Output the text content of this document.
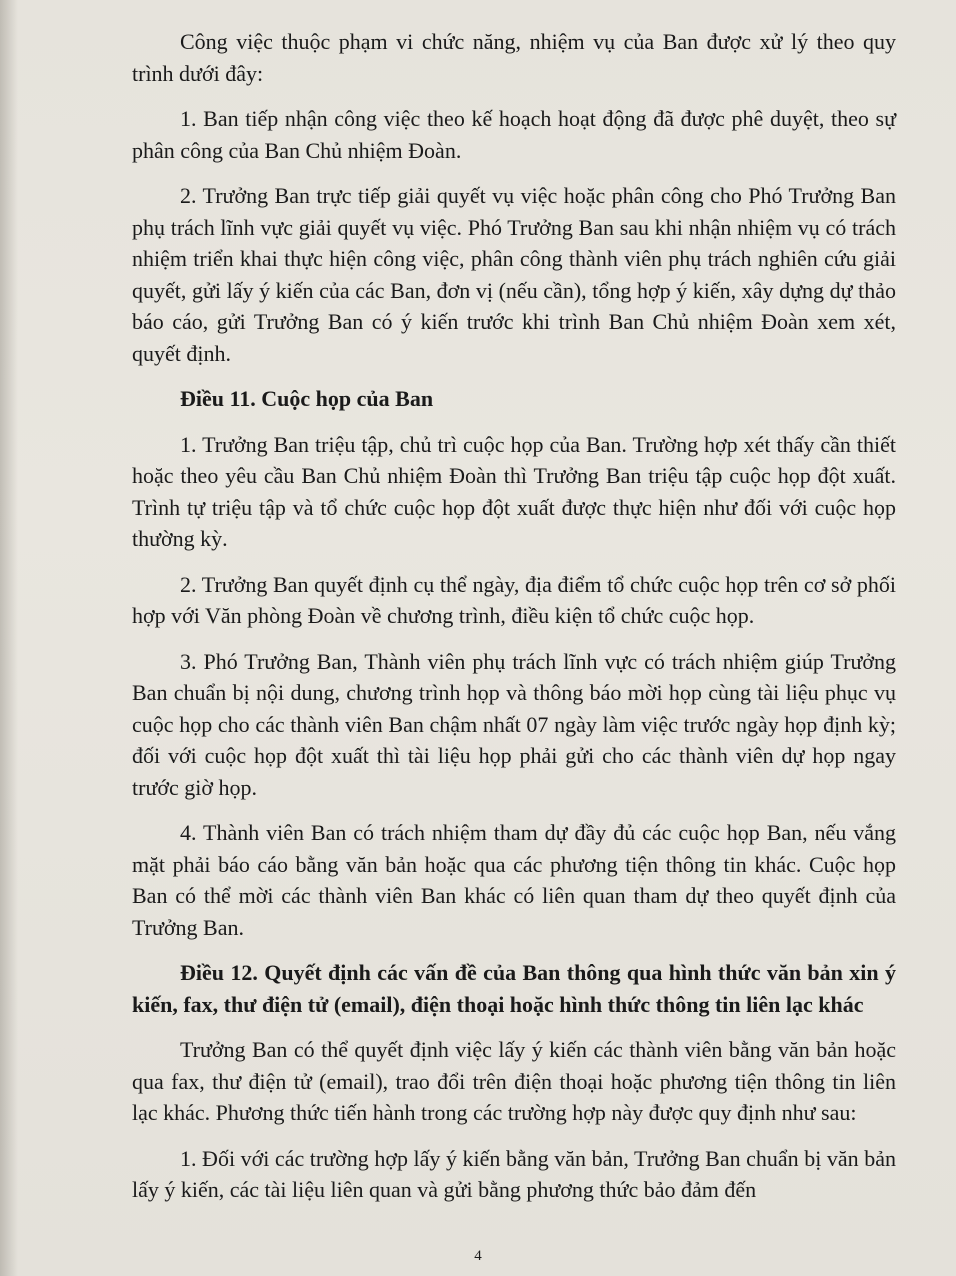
Công việc thuộc phạm vi chức năng, nhiệm vụ của Ban được xử lý theo quy trình dưới đây:

1. Ban tiếp nhận công việc theo kế hoạch hoạt động đã được phê duyệt, theo sự phân công của Ban Chủ nhiệm Đoàn.

2. Trưởng Ban trực tiếp giải quyết vụ việc hoặc phân công cho Phó Trưởng Ban phụ trách lĩnh vực giải quyết vụ việc. Phó Trưởng Ban sau khi nhận nhiệm vụ có trách nhiệm triển khai thực hiện công việc, phân công thành viên phụ trách nghiên cứu giải quyết, gửi lấy ý kiến của các Ban, đơn vị (nếu cần), tổng hợp ý kiến, xây dựng dự thảo báo cáo, gửi Trưởng Ban có ý kiến trước khi trình Ban Chủ nhiệm Đoàn xem xét, quyết định.

Điều 11. Cuộc họp của Ban

1. Trưởng Ban triệu tập, chủ trì cuộc họp của Ban. Trường hợp xét thấy cần thiết hoặc theo yêu cầu Ban Chủ nhiệm Đoàn thì Trưởng Ban triệu tập cuộc họp đột xuất. Trình tự triệu tập và tổ chức cuộc họp đột xuất được thực hiện như đối với cuộc họp thường kỳ.

2. Trưởng Ban quyết định cụ thể ngày, địa điểm tổ chức cuộc họp trên cơ sở phối hợp với Văn phòng Đoàn về chương trình, điều kiện tổ chức cuộc họp.

3. Phó Trưởng Ban, Thành viên phụ trách lĩnh vực có trách nhiệm giúp Trưởng Ban chuẩn bị nội dung, chương trình họp và thông báo mời họp cùng tài liệu phục vụ cuộc họp cho các thành viên Ban chậm nhất 07 ngày làm việc trước ngày họp định kỳ; đối với cuộc họp đột xuất thì tài liệu họp phải gửi cho các thành viên dự họp ngay trước giờ họp.

4. Thành viên Ban có trách nhiệm tham dự đầy đủ các cuộc họp Ban, nếu vắng mặt phải báo cáo bằng văn bản hoặc qua các phương tiện thông tin khác. Cuộc họp Ban có thể mời các thành viên Ban khác có liên quan tham dự theo quyết định của Trưởng Ban.

Điều 12. Quyết định các vấn đề của Ban thông qua hình thức văn bản xin ý kiến, fax, thư điện tử (email), điện thoại hoặc hình thức thông tin liên lạc khác

Trưởng Ban có thể quyết định việc lấy ý kiến các thành viên bằng văn bản hoặc qua fax, thư điện tử (email), trao đổi trên điện thoại hoặc phương tiện thông tin liên lạc khác. Phương thức tiến hành trong các trường hợp này được quy định như sau:

1. Đối với các trường hợp lấy ý kiến bằng văn bản, Trưởng Ban chuẩn bị văn bản lấy ý kiến, các tài liệu liên quan và gửi bằng phương thức bảo đảm đến

4
